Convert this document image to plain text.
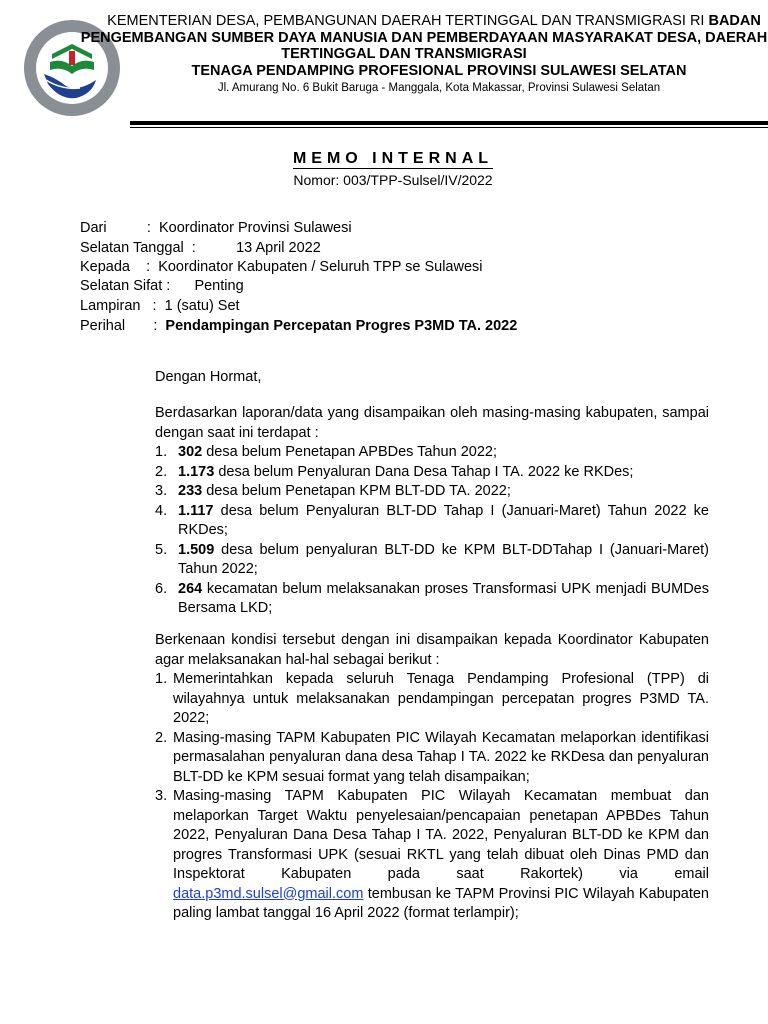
KEMENTERIAN DESA, PEMBANGUNAN DAERAH TERTINGGAL DAN TRANSMIGRASI RI BADAN
PENGEMBANGAN SUMBER DAYA MANUSIA DAN PEMBERDAYAAN MASYARAKAT DESA, DAERAH
TERTINGGAL DAN TRANSMIGRASI
TENAGA PENDAMPING PROFESIONAL PROVINSI SULAWESI SELATAN
Jl. Amurang No. 6 Bukit Baruga - Manggala, Kota Makassar, Provinsi Sulawesi Selatan
MEMO INTERNAL
Nomor: 003/TPP-Sulsel/IV/2022
Dari          :  Koordinator Provinsi Sulawesi
Selatan Tanggal  :          13 April 2022
Kepada    :  Koordinator Kabupaten / Seluruh TPP se Sulawesi
Selatan Sifat :      Penting
Lampiran   :  1 (satu) Set
Perihal       :  Pendampingan Percepatan Progres P3MD TA. 2022
Dengan Hormat,
Berdasarkan laporan/data yang disampaikan oleh masing-masing kabupaten, sampai dengan saat ini terdapat :
1. 302 desa belum Penetapan APBDes Tahun 2022;
2. 1.173 desa belum Penyaluran Dana Desa Tahap I TA. 2022 ke RKDes;
3. 233 desa belum Penetapan KPM BLT-DD TA. 2022;
4. 1.117 desa belum Penyaluran BLT-DD Tahap I (Januari-Maret) Tahun 2022 ke RKDes;
5. 1.509 desa belum penyaluran BLT-DD ke KPM BLT-DDTahap I (Januari-Maret) Tahun 2022;
6. 264 kecamatan belum melaksanakan proses Transformasi UPK menjadi BUMDes Bersama LKD;
Berkenaan kondisi tersebut dengan ini disampaikan kepada Koordinator Kabupaten agar melaksanakan hal-hal sebagai berikut :
1. Memerintahkan kepada seluruh Tenaga Pendamping Profesional (TPP) di wilayahnya untuk melaksanakan pendampingan percepatan progres P3MD TA. 2022;
2. Masing-masing TAPM Kabupaten PIC Wilayah Kecamatan melaporkan identifikasi permasalahan penyaluran dana desa Tahap I TA. 2022 ke RKDesa dan penyaluran BLT-DD ke KPM sesuai format yang telah disampaikan;
3. Masing-masing TAPM Kabupaten PIC Wilayah Kecamatan membuat dan melaporkan Target Waktu penyelesaian/pencapaian penetapan APBDes Tahun 2022, Penyaluran Dana Desa Tahap I TA. 2022, Penyaluran BLT-DD ke KPM dan progres Transformasi UPK (sesuai RKTL yang telah dibuat oleh Dinas PMD dan Inspektorat Kabupaten pada saat Rakortek) via email data.p3md.sulsel@gmail.com tembusan ke TAPM Provinsi PIC Wilayah Kabupaten paling lambat tanggal 16 April 2022 (format terlampir);
